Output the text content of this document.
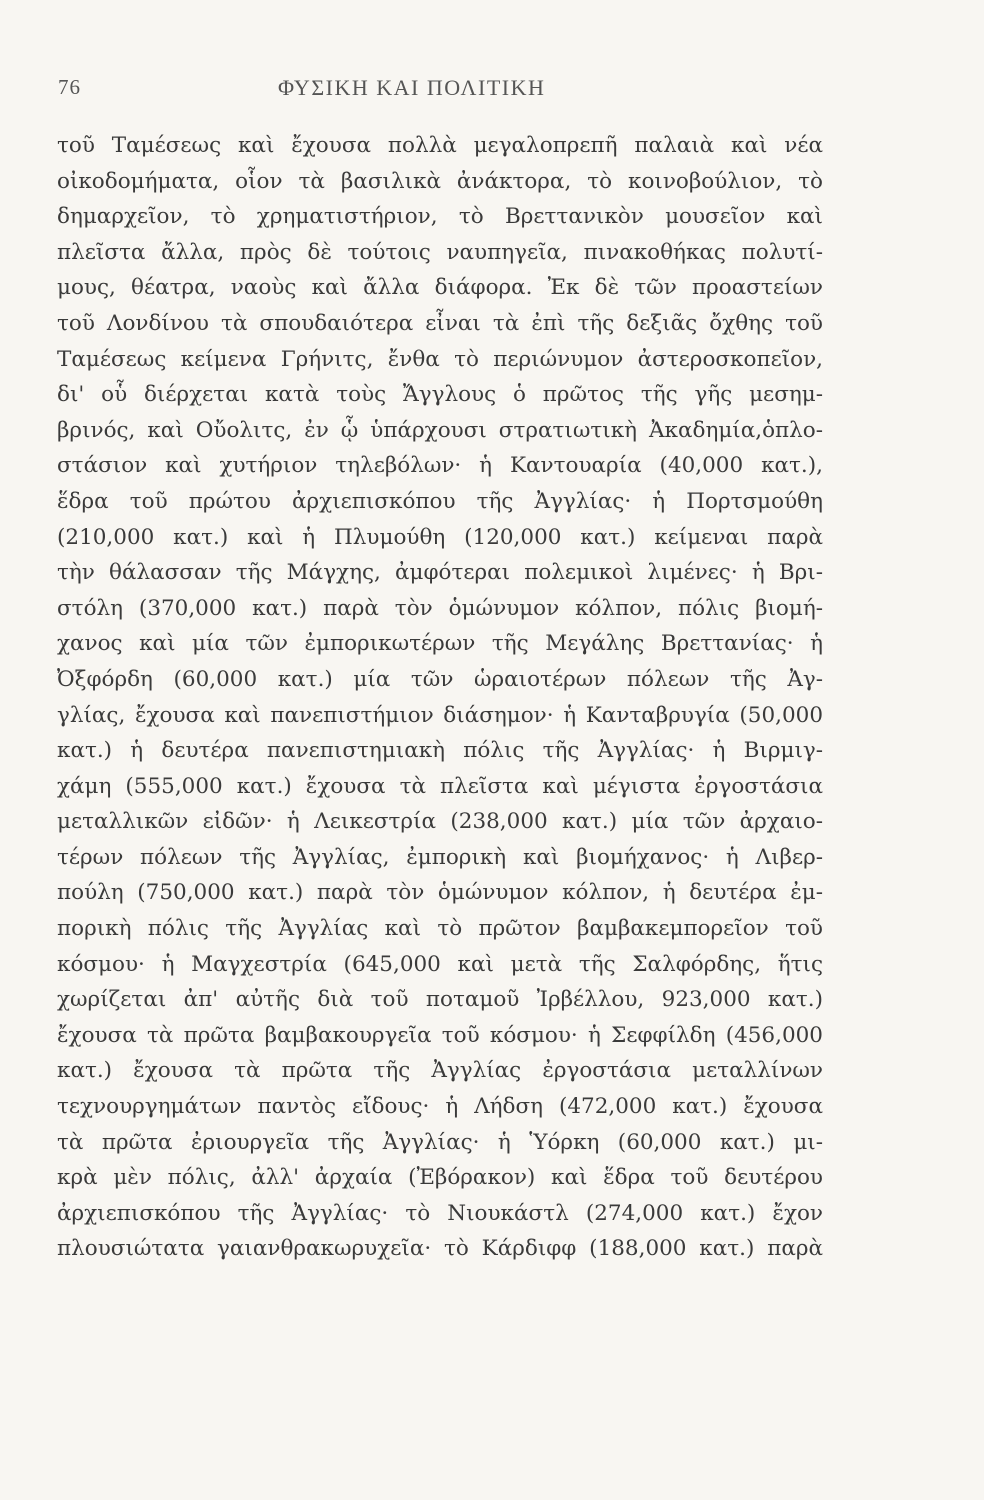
76	ΦΥΣΙΚΗ ΚΑΙ ΠΟΛΙΤΙΚΗ
τοῦ Ταμέσεως καὶ ἔχουσα πολλὰ μεγαλοπρεπῆ παλαιὰ καὶ νέα
οἰκοδομήματα, οἷον τὰ βασιλικὰ ἀνάκτορα, τὸ κοινοβούλιον, τὸ
δημαρχεῖον, τὸ χρηματιστήριον, τὸ Βρεττανικὸν μουσεῖον καὶ
πλεῖστα ἄλλα, πρὸς δὲ τούτοις ναυπηγεῖα, πινακοθήκας πολυτί-
μους, θέατρα, ναοὺς καὶ ἄλλα διάφορα. Ἐκ δὲ τῶν προαστείων
τοῦ Λονδίνου τὰ σπουδαιότερα εἶναι τὰ ἐπὶ τῆς δεξιᾶς ὄχθης τοῦ
Ταμέσεως κείμενα Γρήνιτς, ἔνθα τὸ περιώνυμον ἀστεροσκοπεῖον,
δι' οὗ διέρχεται κατὰ τοὺς Ἄγγλους ὁ πρῶτος τῆς γῆς μεσημ-
βρινός, καὶ Οὔολιτς, ἐν ᾧ ὑπάρχουσι στρατιωτικὴ Ἀκαδημία,ὁπλο-
στάσιον καὶ χυτήριον τηλεβόλων· ἡ Καντουαρία (40,000 κατ.),
ἕδρα τοῦ πρώτου ἀρχιεπισκόπου τῆς Ἀγγλίας· ἡ Πορτσμούθη
(210,000 κατ.) καὶ ἡ Πλυμούθη (120,000 κατ.) κείμεναι παρὰ
τὴν θάλασσαν τῆς Μάγχης, ἀμφότεραι πολεμικοὶ λιμένες· ἡ Βρι-
στόλη (370,000 κατ.) παρὰ τὸν ὁμώνυμον κόλπον, πόλις βιομή-
χανος καὶ μία τῶν ἐμπορικωτέρων τῆς Μεγάλης Βρεττανίας· ἡ
Ὀξφόρδη (60,000 κατ.) μία τῶν ὡραιοτέρων πόλεων τῆς Ἀγ-
γλίας, ἔχουσα καὶ πανεπιστήμιον διάσημον· ἡ Κανταβρυγία (50,000
κατ.) ἡ δευτέρα πανεπιστημιακὴ πόλις τῆς Ἀγγλίας· ἡ Βιρμιγ-
χάμη (555,000 κατ.) ἔχουσα τὰ πλεῖστα καὶ μέγιστα ἐργοστάσια
μεταλλικῶν εἰδῶν· ἡ Λεικεστρία (238,000 κατ.) μία τῶν ἀρχαιο-
τέρων πόλεων τῆς Ἀγγλίας, ἐμπορικὴ καὶ βιομήχανος· ἡ Λιβερ-
πούλη (750,000 κατ.) παρὰ τὸν ὁμώνυμον κόλπον, ἡ δευτέρα ἐμ-
πορικὴ πόλις τῆς Ἀγγλίας καὶ τὸ πρῶτον βαμβακεμπορεῖον τοῦ
κόσμου· ἡ Μαγχεστρία (645,000 καὶ μετὰ τῆς Σαλφόρδης, ἥτις
χωρίζεται ἀπ' αὐτῆς διὰ τοῦ ποταμοῦ Ἰρβέλλου, 923,000 κατ.)
ἔχουσα τὰ πρῶτα βαμβακουργεῖα τοῦ κόσμου· ἡ Σεφφίλδη (456,000
κατ.) ἔχουσα τὰ πρῶτα τῆς Ἀγγλίας ἐργοστάσια μεταλλίνων
τεχνουργημάτων παντὸς εἴδους· ἡ Λήδση (472,000 κατ.) ἔχουσα
τὰ πρῶτα ἐριουργεῖα τῆς Ἀγγλίας· ἡ Ὑόρκη (60,000 κατ.) μι-
κρὰ μὲν πόλις, ἀλλ' ἀρχαία (Ἐβόρακον) καὶ ἕδρα τοῦ δευτέρου
ἀρχιεπισκόπου τῆς Ἀγγλίας· τὸ Νιουκάστλ (274,000 κατ.) ἔχον
πλουσιώτατα γαιανθρακωρυχεῖα· τὸ Κάρδιφφ (188,000 κατ.) παρὰ
